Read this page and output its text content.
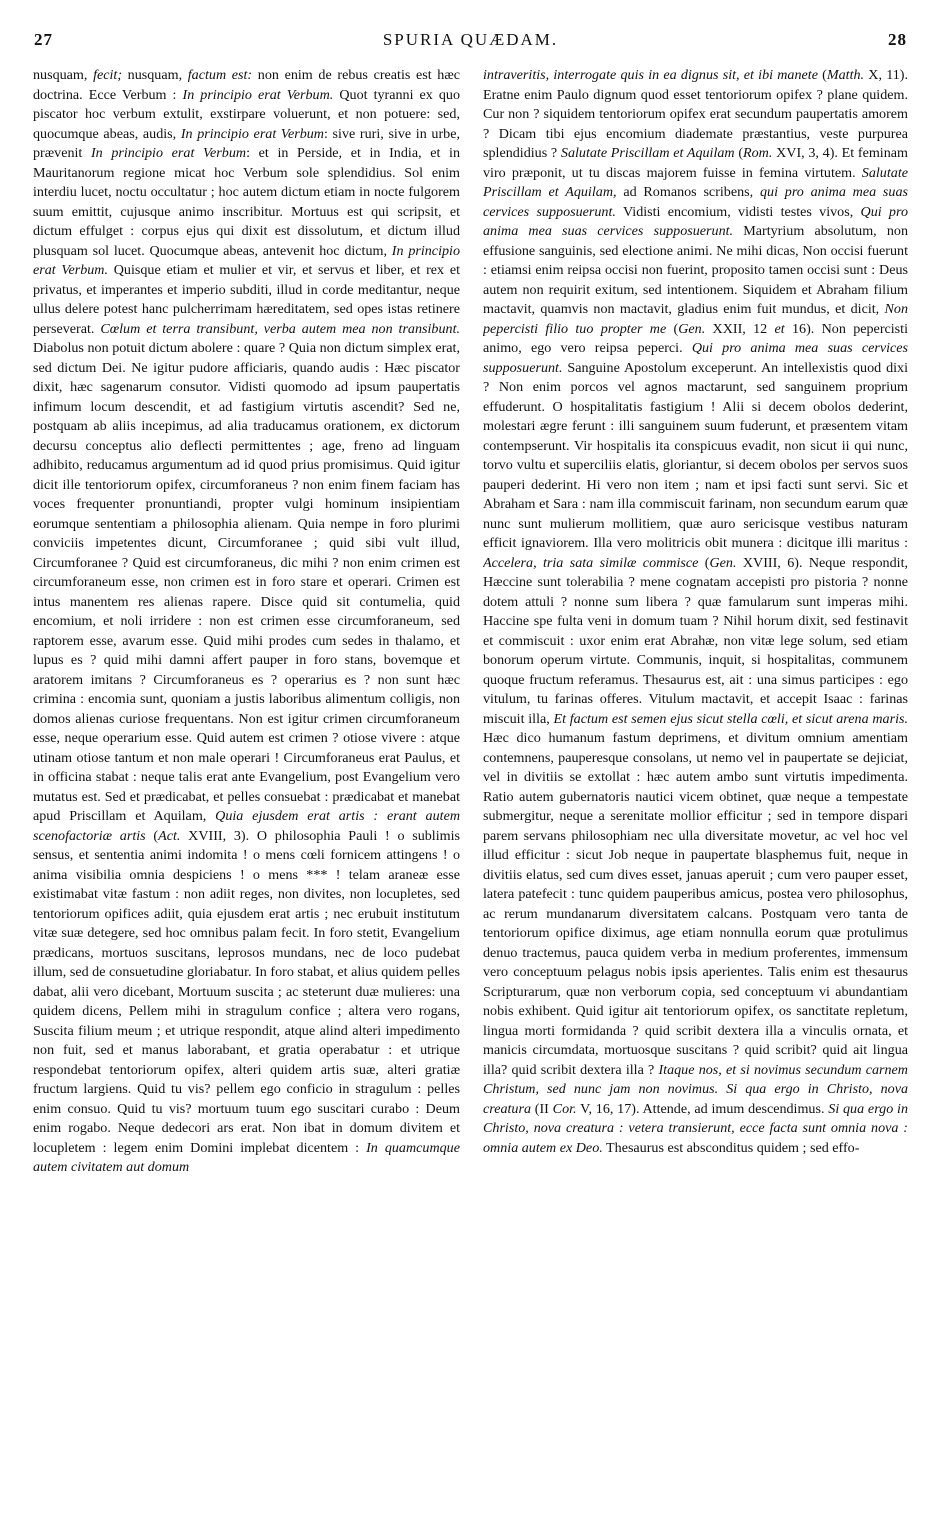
27	SPURIA QUÆDAM.	28

nusquam, fecit; nusquam, factum est: non enim de rebus creatis est hæc doctrina. Ecce Verbum : In principio erat Verbum. Quot tyranni ex quo piscator hoc verbum extulit, exstirpare voluerunt, et non potuere: sed, quocumque abeas, audis, In principio erat Verbum: sive ruri, sive in urbe, prævenit In principio erat Verbum: et in Perside, et in India, et in Mauritanorum regione micat hoc Verbum sole splendidius. Sol enim interdiu lucet, noctu occultatur ; hoc autem dictum etiam in nocte fulgorem suum emittit, cujusque animo inscribitur. Mortuus est qui scripsit, et dictum effulget : corpus ejus qui dixit est dissolutum, et dictum illud plusquam sol lucet. Quocumque abeas, antevenit hoc dictum, In principio erat Verbum. Quisque etiam et mulier et vir, et servus et liber, et rex et privatus, et imperantes et imperio subditi, illud in corde meditantur, neque ullus delere potest hanc pulcherrimam hæreditatem, sed opes istas retinere perseverat. Cœlum et terra transibunt, verba autem mea non transibunt. Diabolus non potuit dictum abolere : quare ? Quia non dictum simplex erat, sed dictum Dei. Ne igitur pudore afficiaris, quando audis : Hæc piscator dixit, hæc sagenarum consutor. Vidisti quomodo ad ipsum paupertatis infimum locum descendit, et ad fastigium virtutis ascendit? Sed ne, postquam ab aliis incepimus, ad alia traducamus orationem, ex dictorum decursu conceptus alio deflecti permittentes ; age, freno ad linguam adhibito, reducamus argumentum ad id quod prius promisimus. Quid igitur dicit ille tentoriorum opifex, circumforaneus ? non enim finem faciam has voces frequenter pronuntiandi, propter vulgi hominum insipientiam eorumque sententiam a philosophia alienam. Quia nempe in foro plurimi conviciis impetentes dicunt, Circumforanee ; quid sibi vult illud, Circumforanee ? Quid est circumforaneus, dic mihi ? non enim crimen est circumforaneum esse, non crimen est in foro stare et operari. Crimen est intus manentem res alienas rapere. Disce quid sit contumelia, quid encomium, et noli irridere : non est crimen esse circumforaneum, sed raptorem esse, avarum esse. Quid mihi prodes cum sedes in thalamo, et lupus es ? quid mihi damni affert pauper in foro stans, bovemque et aratorem imitans ? Circumforaneus es ? operarius es ? non sunt hæc crimina : encomia sunt, quoniam a justis laboribus alimentum colligis, non domos alienas curiose frequentans. Non est igitur crimen circumforaneum esse, neque operarium esse. Quid autem est crimen ? otiose vivere : atque utinam otiose tantum et non male operari ! Circumforaneus erat Paulus, et in officina stabat : neque talis erat ante Evangelium, post Evangelium vero mutatus est. Sed et prædicabat, et pelles consuebat : prædicabat et manebat apud Priscillam et Aquilam, Quia ejusdem erat artis : erant autem scenofactoriæ artis (Act. XVIII, 3). O philosophia Pauli ! o sublimis sensus, et sententia animi indomita ! o mens cœli fornicem attingens ! o anima visibilia omnia despiciens ! o mens *** ! telam araneæ esse existimabat vitæ fastum : non adiit reges, non divites, non locupletes, sed tentoriorum opifices adiit, quia ejusdem erat artis ; nec erubuit institutum vitæ suæ detegere, sed hoc omnibus palam fecit. In foro stetit, Evangelium prædicans, mortuos suscitans, leprosos mundans, nec de loco pudebat illum, sed de consuetudine gloriabatur. In foro stabat, et alius quidem pelles dabat, alii vero dicebant, Mortuum suscita ; ac steterunt duæ mulieres: una quidem dicens, Pellem mihi in stragulum confice ; altera vero rogans, Suscita filium meum ; et utrique respondit, atque alind alteri impedimento non fuit, sed et manus laborabant, et gratia operabatur : et utrique respondebat tentoriorum opifex, alteri quidem artis suæ, alteri gratiæ fructum largiens. Quid tu vis? pellem ego conficio in stragulum : pelles enim consuo. Quid tu vis? mortuum tuum ego suscitari curabo : Deum enim rogabo. Neque dedecori ars erat. Non ibat in domum divitem et locupletem : legem enim Domini implebat dicentem : In quamcumque autem civitatem aut domum

intraveritis, interrogate quis in ea dignus sit, et ibi manete (Matth. X, 11). Eratne enim Paulo dignum quod esset tentoriorum opifex ? plane quidem. Cur non ? siquidem tentoriorum opifex erat secundum paupertatis amorem ? Dicam tibi ejus encomium diademate præstantius, veste purpurea splendidius ? Salutate Priscillam et Aquilam (Rom. XVI, 3, 4). Et feminam viro præponit, ut tu discas majorem fuisse in femina virtutem. Salutate Priscillam et Aquilam, ad Romanos scribens, qui pro anima mea suas cervices supposuerunt. Vidisti encomium, vidisti testes vivos, Qui pro anima mea suas cervices supposuerunt. Martyrium absolutum, non effusione sanguinis, sed electione animi. Ne mihi dicas, Non occisi fuerunt : etiamsi enim reipsa occisi non fuerint, proposito tamen occisi sunt : Deus autem non requirit exitum, sed intentionem. Siquidem et Abraham filium mactavit, quamvis non mactavit, gladius enim fuit mundus, et dicit, Non pepercisti filio tuo propter me (Gen. XXII, 12 et 16). Non pepercisti animo, ego vero reipsa peperci. Qui pro anima mea suas cervices supposuerunt. Sanguine Apostolum exceperunt. An intellexistis quod dixi ? Non enim porcos vel agnos mactarunt, sed sanguinem proprium effuderunt. O hospitalitatis fastigium ! Alii si decem obolos dederint, molestari ægre ferunt : illi sanguinem suum fuderunt, et præsentem vitam contempserunt. Vir hospitalis ita conspicuus evadit, non sicut ii qui nunc, torvo vultu et superciliis elatis, gloriantur, si decem obolos per servos suos pauperi dederint. Hi vero non item ; nam et ipsi facti sunt servi. Sic et Abraham et Sara : nam illa commiscuit farinam, non secundum earum quæ nunc sunt mulierum mollitiem, quæ auro sericisque vestibus naturam efficit ignaviorem. Illa vero molitricis obit munera : dicitque illi maritus : Accelera, tria sata similæ commisce (Gen. XVIII, 6). Neque respondit, Hæccine sunt tolerabilia ? mene cognatam accepisti pro pistoria ? nonne dotem attuli ? nonne sum libera ? quæ famularum sunt imperas mihi. Haccine spe fulta veni in domum tuam ? Nihil horum dixit, sed festinavit et commiscuit : uxor enim erat Abrahæ, non vitæ lege solum, sed etiam bonorum operum virtute. Communis, inquit, si hospitalitas, communem quoque fructum referamus. Thesaurus est, ait : una simus participes : ego vitulum, tu farinas offeres. Vitulum mactavit, et accepit Isaac : farinas miscuit illa, Et factum est semen ejus sicut stella cœli, et sicut arena maris. Hæc dico humanum fastum deprimens, et divitum omnium amentiam contemnens, pauperesque consolans, ut nemo vel in paupertate se dejiciat, vel in divitiis se extollat : hæc autem ambo sunt virtutis impedimenta. Ratio autem gubernatoris nautici vicem obtinet, quæ neque a tempestate submergitur, neque a serenitate mollior efficitur ; sed in tempore dispari parem servans philosophiam nec ulla diversitate movetur, ac vel hoc vel illud efficitur : sicut Job neque in paupertate blasphemus fuit, neque in divitiis elatus, sed cum dives esset, januas aperuit ; cum vero pauper esset, latera patefecit : tunc quidem pauperibus amicus, postea vero philosophus, ac rerum mundanarum diversitatem calcans. Postquam vero tanta de tentoriorum opifice diximus, age etiam nonnulla eorum quæ protulimus denuo tractemus, pauca quidem verba in medium proferentes, immensum vero conceptuum pelagus nobis ipsis aperientes. Talis enim est thesaurus Scripturarum, quæ non verborum copia, sed conceptuum vi abundantiam nobis exhibent. Quid igitur ait tentoriorum opifex, os sanctitate repletum, lingua morti formidanda ? quid scribit dextera illa a vinculis ornata, et manicis circumdata, mortuosque suscitans ? quid scribit? quid ait lingua illa? quid scribit dextera illa ? Itaque nos, et si novimus secundum carnem Christum, sed nunc jam non novimus. Si qua ergo in Christo, nova creatura (II Cor. V, 16, 17). Attende, ad imum descendimus. Si qua ergo in Christo, nova creatura : vetera transierunt, ecce facta sunt omnia nova : omnia autem ex Deo. Thesaurus est absconditus quidem ; sed effo-
